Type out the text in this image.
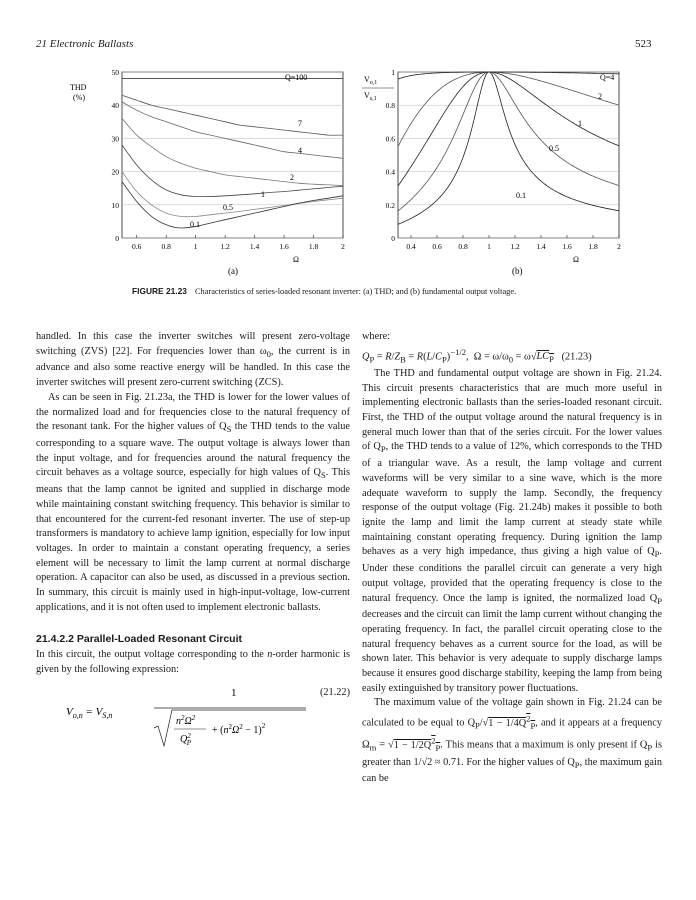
21 Electronic Ballasts	523
0
10
20
30
40
50
0.6	0.8	1	1.2	1.4	1.6	1.8	2
THD
(%)
Ω
(a)
Q=100
7
4
2
1
0.5
0.1
0
0.2
0.4
0.6
0.8
1
0.4 0.6 0.8	1	1.2 1.4 1.6 1.8	2
$V_{o,1}$
$V_{s,1}$
Ω
(b)
Q=4
2
1
0.5
0.1
FIGURE 21.23 Characteristics of series-loaded resonant inverter: (a) THD; and (b) fundamental output voltage.

handled. In this case the inverter switches will present zero-voltage switching (ZVS) [22]. For frequencies lower than $\omega_0$, the current is in advance and also some reactive energy will be handled. In this case the inverter switches will present zero-current switching (ZCS).

As can be seen in Fig. 21.23a, the THD is lower for the lower values of the normalized load and for frequencies close to the natural frequency of the resonant tank. For the higher values of $Q_S$ the THD tends to the value corresponding to a square wave. The output voltage is always lower than the input voltage, and for frequencies around the natural frequency the circuit behaves as a voltage source, especially for high values of $Q_S$. This means that the lamp cannot be ignited and supplied in discharge mode while maintaining constant switching frequency. This behavior is similar to that encountered for the current-fed resonant inverter. The use of step-up transformers is mandatory to achieve lamp ignition, especially for low input voltages. In order to maintain a constant operating frequency, a series element will be necessary to limit the lamp current at normal discharge operation. A capacitor can also be used, as discussed in a previous section. In summary, this circuit is mainly used in high-input-voltage, low-current applications, and it is not often used to implement electronic ballasts.

21.4.2.2 Parallel-Loaded Resonant Circuit

In this circuit, the output voltage corresponding to the n-order harmonic is given by the following expression:

$V_{o,n} = V_{S,n}$
1
$n^2\Omega^2$
$Q^2$ P
+ $(n^2\Omega^2 - 1)^2$
(21.22)

where:

$Q_P = R/Z_B = R(L/C_P)^{-1/2}$,  $\Omega = \omega/\omega_0 = \omega√LC_P$ (21.23)

The THD and fundamental output voltage are shown in Fig. 21.24. This circuit presents characteristics that are much more useful in implementing electronic ballasts than the series-loaded resonant circuit. First, the THD of the output voltage around the natural frequency is in general much lower than that of the series circuit. For the lower values of $Q_P$, the THD tends to a value of 12%, which corresponds to the THD of a triangular wave. As a result, the lamp voltage and current waveforms will be very similar to a sine wave, which is the more adequate waveform to supply the lamp. Secondly, the frequency response of the output voltage (Fig. 21.24b) makes it possible to both ignite the lamp and limit the lamp current at steady state while maintaining constant operating frequency. During ignition the lamp behaves as a very high impedance, thus giving a high value of $Q_P$. Under these conditions the parallel circuit can generate a very high output voltage, provided that the operating frequency is close to the natural frequency. Once the lamp is ignited, the normalized load $Q_P$ decreases and the circuit can limit the lamp current without changing the operating frequency. In fact, the parallel circuit operating close to the natural frequency behaves as a current source for the load, as will be shown later. This behavior is very adequate to supply discharge lamps because it ensures good discharge stability, keeping the lamp from being easily extinguished by transitory power fluctuations.

The maximum value of the voltage gain shown in Fig. 21.24 can be calculated to be equal to $Q_P/√1 - 1/4Q^2_P$, and it appears at a frequency $\Omega_m = √1 - 1/2Q^2_P$. This means that a maximum is only present if $Q_P$ is greater than 1/√2 ≈ 0.71. For the higher values of $Q_P$, the maximum gain can be
